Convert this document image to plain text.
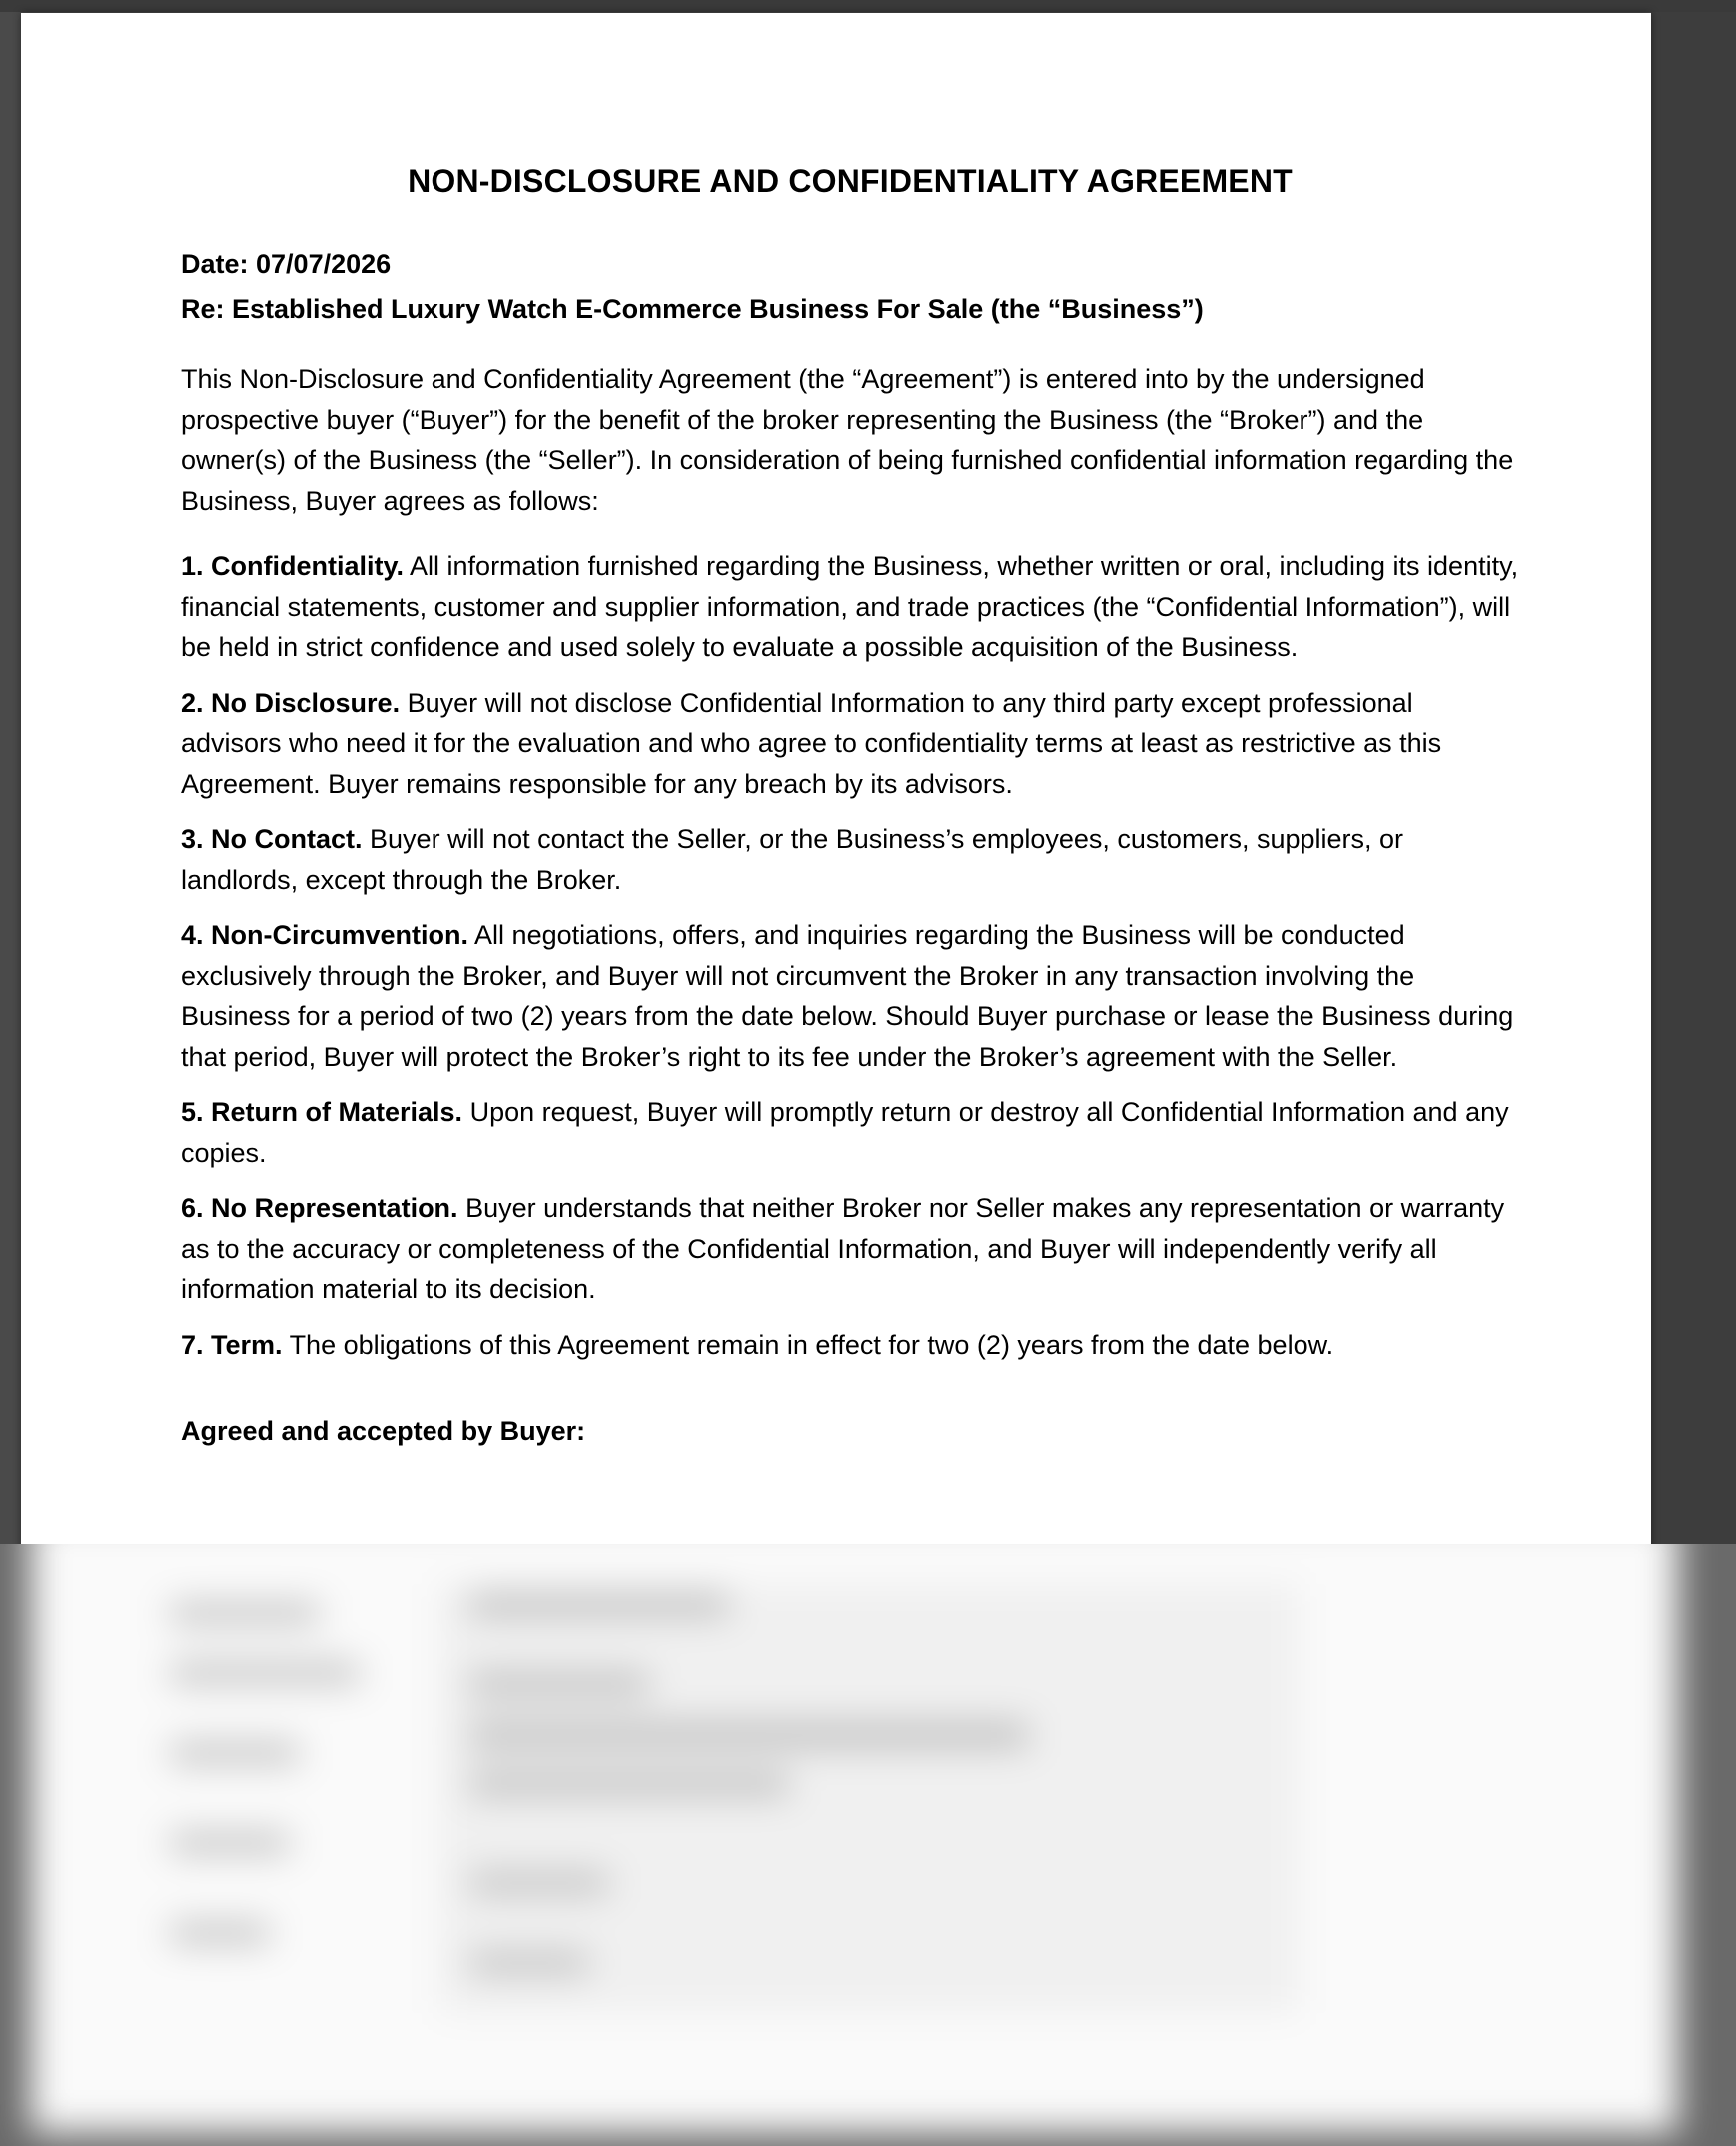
NON-DISCLOSURE AND CONFIDENTIALITY AGREEMENT
Date: 07/07/2026
Re: Established Luxury Watch E-Commerce Business For Sale (the “Business”)
This Non-Disclosure and Confidentiality Agreement (the “Agreement”) is entered into by the undersigned prospective buyer (“Buyer”) for the benefit of the broker representing the Business (the “Broker”) and the owner(s) of the Business (the “Seller”). In consideration of being furnished confidential information regarding the Business, Buyer agrees as follows:
1. Confidentiality. All information furnished regarding the Business, whether written or oral, including its identity, financial statements, customer and supplier information, and trade practices (the “Confidential Information”), will be held in strict confidence and used solely to evaluate a possible acquisition of the Business.
2. No Disclosure. Buyer will not disclose Confidential Information to any third party except professional advisors who need it for the evaluation and who agree to confidentiality terms at least as restrictive as this Agreement. Buyer remains responsible for any breach by its advisors.
3. No Contact. Buyer will not contact the Seller, or the Business’s employees, customers, suppliers, or landlords, except through the Broker.
4. Non-Circumvention. All negotiations, offers, and inquiries regarding the Business will be conducted exclusively through the Broker, and Buyer will not circumvent the Broker in any transaction involving the Business for a period of two (2) years from the date below. Should Buyer purchase or lease the Business during that period, Buyer will protect the Broker’s right to its fee under the Broker’s agreement with the Seller.
5. Return of Materials. Upon request, Buyer will promptly return or destroy all Confidential Information and any copies.
6. No Representation. Buyer understands that neither Broker nor Seller makes any representation or warranty as to the accuracy or completeness of the Confidential Information, and Buyer will independently verify all information material to its decision.
7. Term. The obligations of this Agreement remain in effect for two (2) years from the date below.
Agreed and accepted by Buyer:
